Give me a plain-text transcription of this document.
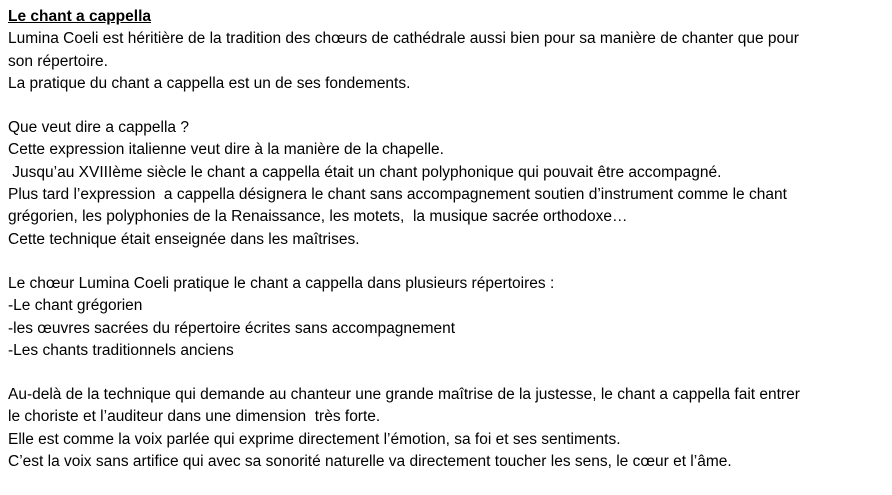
Le chant a cappella
Lumina Coeli est héritière de la tradition des chœurs de cathédrale aussi bien pour sa manière de chanter que pour
son répertoire.
La pratique du chant a cappella est un de ses fondements.
Que veut dire a cappella ?
Cette expression italienne veut dire à la manière de la chapelle.
Jusqu’au XVIIIème siècle le chant a cappella était un chant polyphonique qui pouvait être accompagné.
Plus tard l’expression  a cappella désignera le chant sans accompagnement soutien d’instrument comme le chant
grégorien, les polyphonies de la Renaissance, les motets,  la musique sacrée orthodoxe…
Cette technique était enseignée dans les maîtrises.
Le chœur Lumina Coeli pratique le chant a cappella dans plusieurs répertoires :
-Le chant grégorien
-les œuvres sacrées du répertoire écrites sans accompagnement
-Les chants traditionnels anciens
Au-delà de la technique qui demande au chanteur une grande maîtrise de la justesse, le chant a cappella fait entrer
le choriste et l’auditeur dans une dimension  très forte.
Elle est comme la voix parlée qui exprime directement l’émotion, sa foi et ses sentiments.
C’est la voix sans artifice qui avec sa sonorité naturelle va directement toucher les sens, le cœur et l’âme.
